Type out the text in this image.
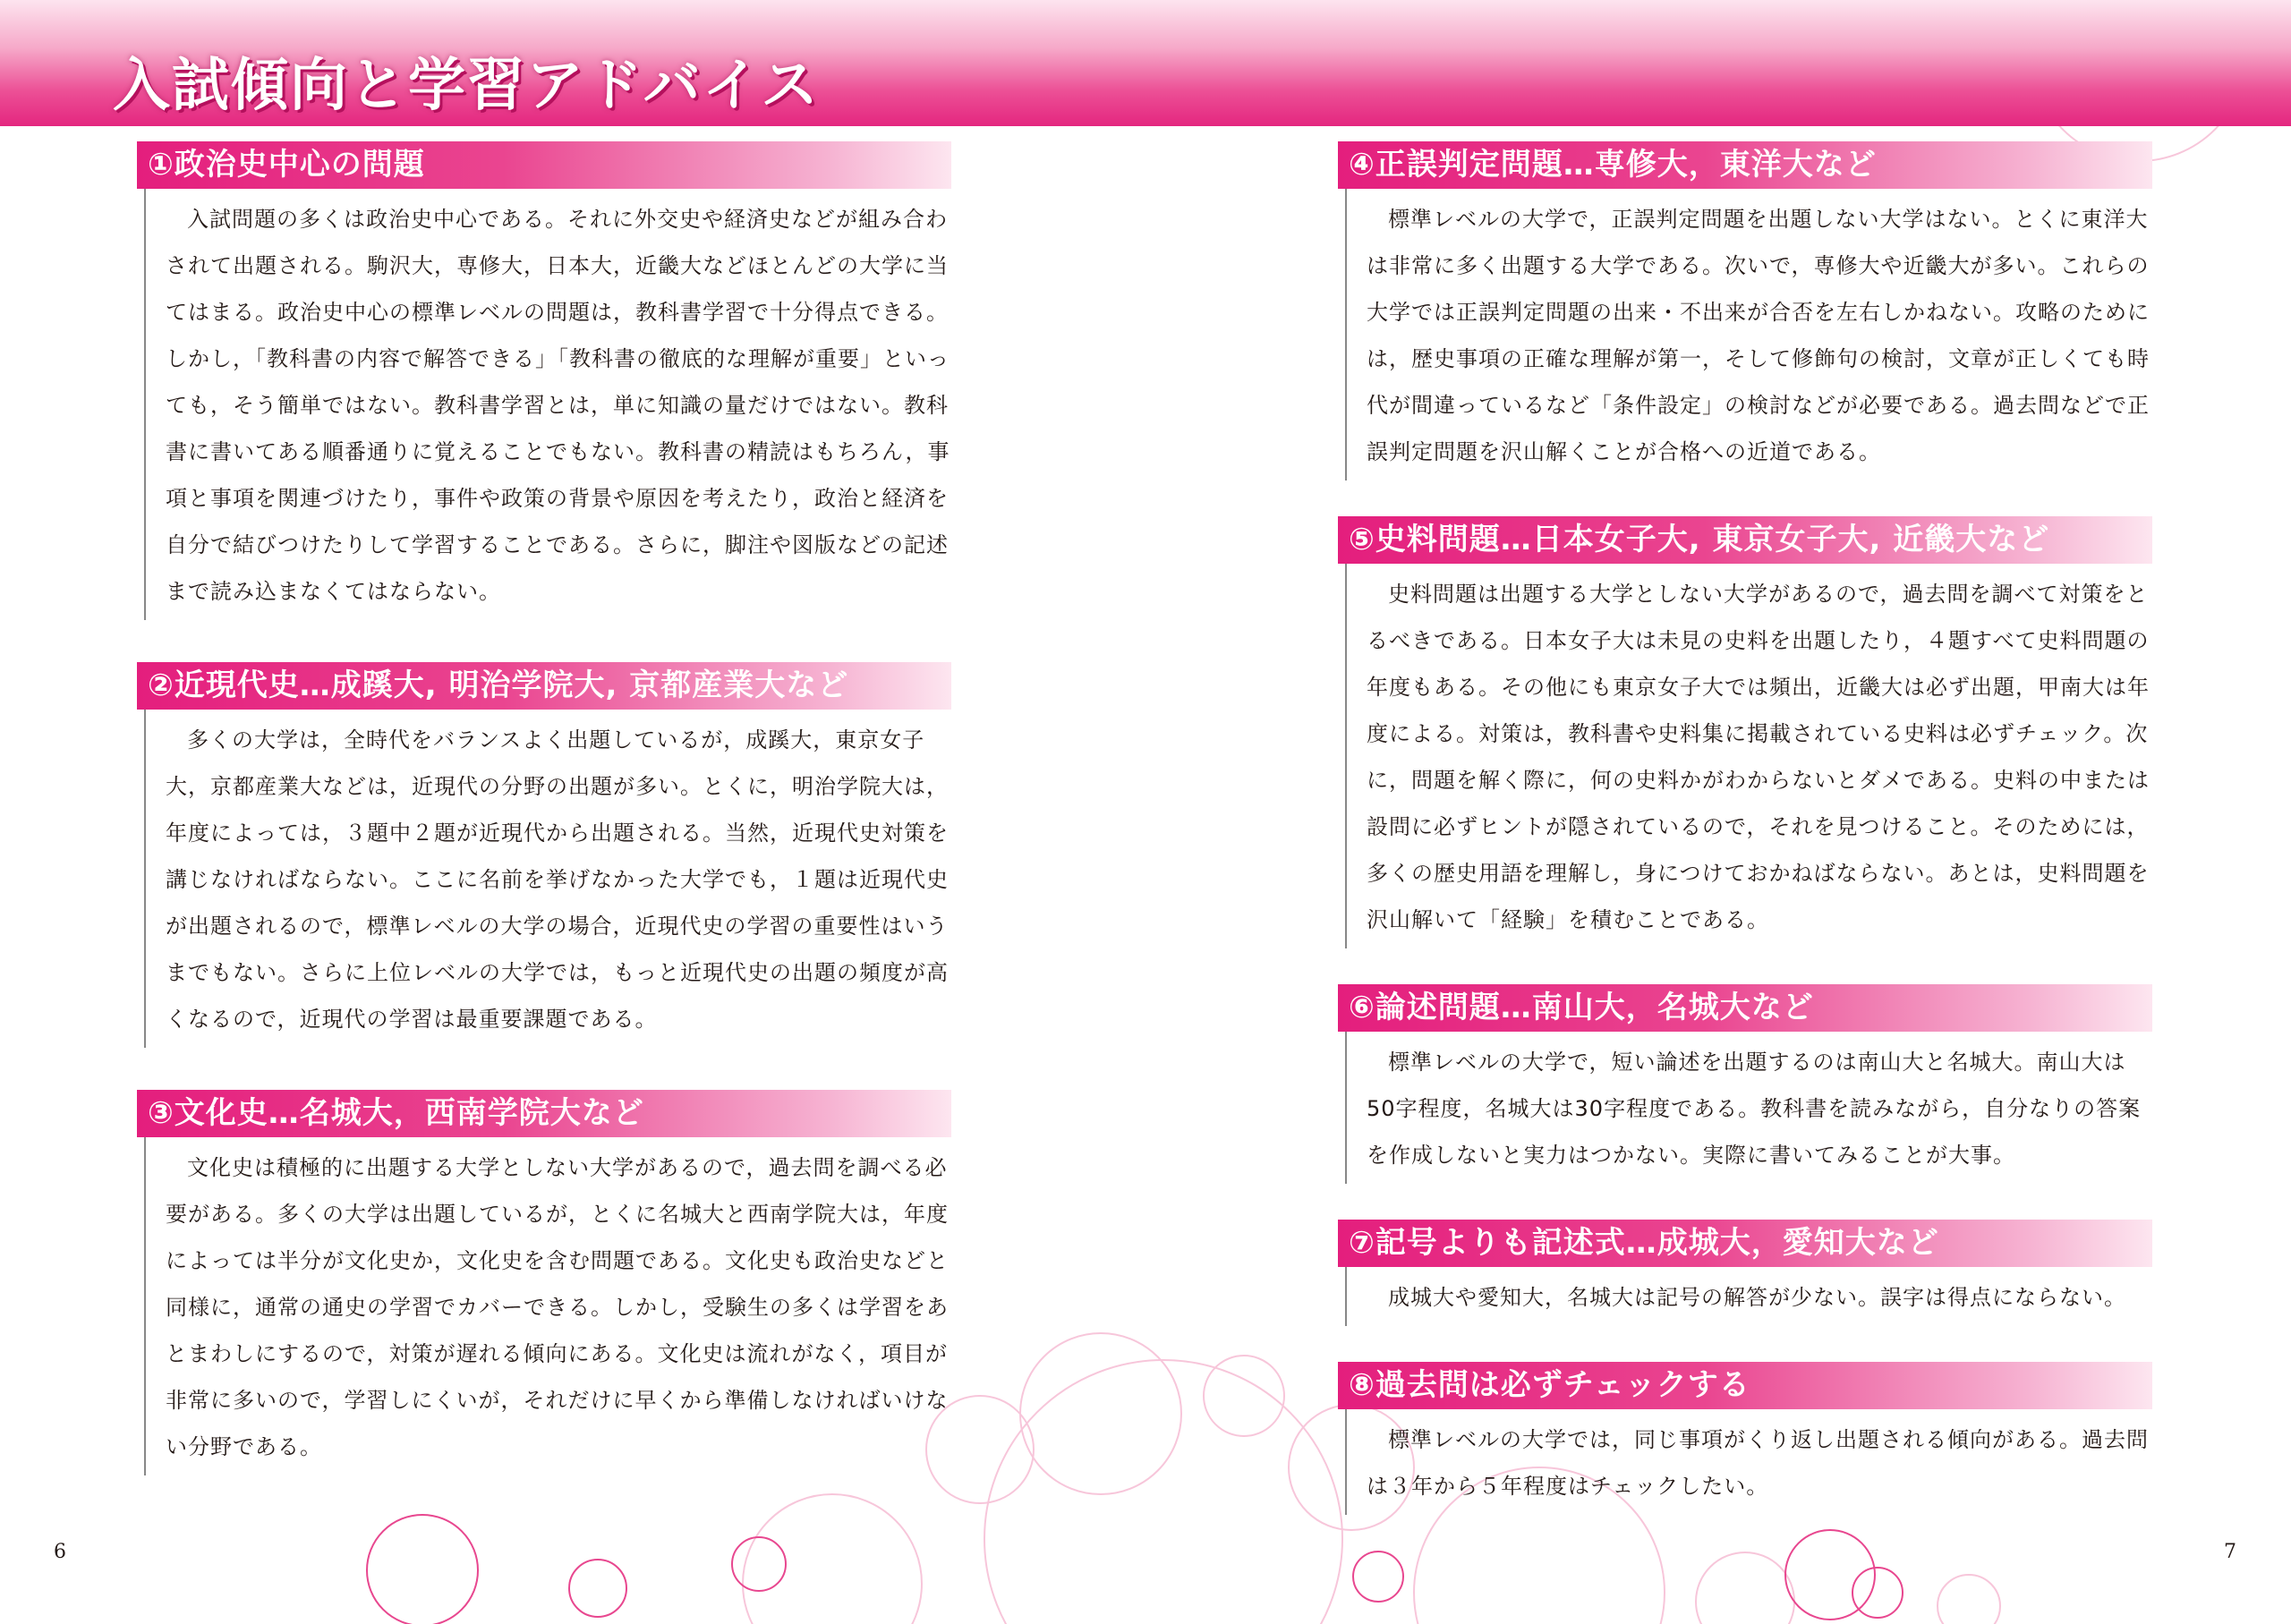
入試傾向と学習アドバイス
①政治史中心の問題

入試問題の多くは政治史中心である。それに外交史や経済史などが組み合わされて出題される。駒沢大，専修大，日本大，近畿大などほとんどの大学に当てはまる。政治史中心の標準レベルの問題は，教科書学習で十分得点できる。しかし，「教科書の内容で解答できる」「教科書の徹底的な理解が重要」といっても，そう簡単ではない。教科書学習とは，単に知識の量だけではない。教科書に書いてある順番通りに覚えることでもない。教科書の精読はもちろん，事項と事項を関連づけたり，事件や政策の背景や原因を考えたり，政治と経済を自分で結びつけたりして学習することである。さらに，脚注や図版などの記述まで読み込まなくてはならない。

②近現代史…成蹊大, 明治学院大, 京都産業大など

多くの大学は，全時代をバランスよく出題しているが，成蹊大，東京女子大，京都産業大などは，近現代の分野の出題が多い。とくに，明治学院大は，年度によっては，３題中２題が近現代から出題される。当然，近現代史対策を講じなければならない。ここに名前を挙げなかった大学でも，１題は近現代史が出題されるので，標準レベルの大学の場合，近現代史の学習の重要性はいうまでもない。さらに上位レベルの大学では，もっと近現代史の出題の頻度が高くなるので，近現代の学習は最重要課題である。

③文化史…名城大，西南学院大など

文化史は積極的に出題する大学としない大学があるので，過去問を調べる必要がある。多くの大学は出題しているが，とくに名城大と西南学院大は，年度によっては半分が文化史か，文化史を含む問題である。文化史も政治史などと同様に，通常の通史の学習でカバーできる。しかし，受験生の多くは学習をあとまわしにするので，対策が遅れる傾向にある。文化史は流れがなく，項目が非常に多いので，学習しにくいが，それだけに早くから準備しなければいけない分野である。

④正誤判定問題…専修大，東洋大など

標準レベルの大学で，正誤判定問題を出題しない大学はない。とくに東洋大は非常に多く出題する大学である。次いで，専修大や近畿大が多い。これらの大学では正誤判定問題の出来・不出来が合否を左右しかねない。攻略のためには，歴史事項の正確な理解が第一，そして修飾句の検討，文章が正しくても時代が間違っているなど「条件設定」の検討などが必要である。過去問などで正誤判定問題を沢山解くことが合格への近道である。

⑤史料問題…日本女子大, 東京女子大, 近畿大など

史料問題は出題する大学としない大学があるので，過去問を調べて対策をとるべきである。日本女子大は未見の史料を出題したり，４題すべて史料問題の年度もある。その他にも東京女子大では頻出，近畿大は必ず出題，甲南大は年度による。対策は，教科書や史料集に掲載されている史料は必ずチェック。次に，問題を解く際に，何の史料かがわからないとダメである。史料の中または設問に必ずヒントが隠されているので，それを見つけること。そのためには，多くの歴史用語を理解し，身につけておかねばならない。あとは，史料問題を沢山解いて「経験」を積むことである。

⑥論述問題…南山大，名城大など

標準レベルの大学で，短い論述を出題するのは南山大と名城大。南山大は50字程度，名城大は30字程度である。教科書を読みながら，自分なりの答案を作成しないと実力はつかない。実際に書いてみることが大事。

⑦記号よりも記述式…成城大，愛知大など

成城大や愛知大，名城大は記号の解答が少ない。誤字は得点にならない。

⑧過去問は必ずチェックする

標準レベルの大学では，同じ事項がくり返し出題される傾向がある。過去問は３年から５年程度はチェックしたい。

6	7
